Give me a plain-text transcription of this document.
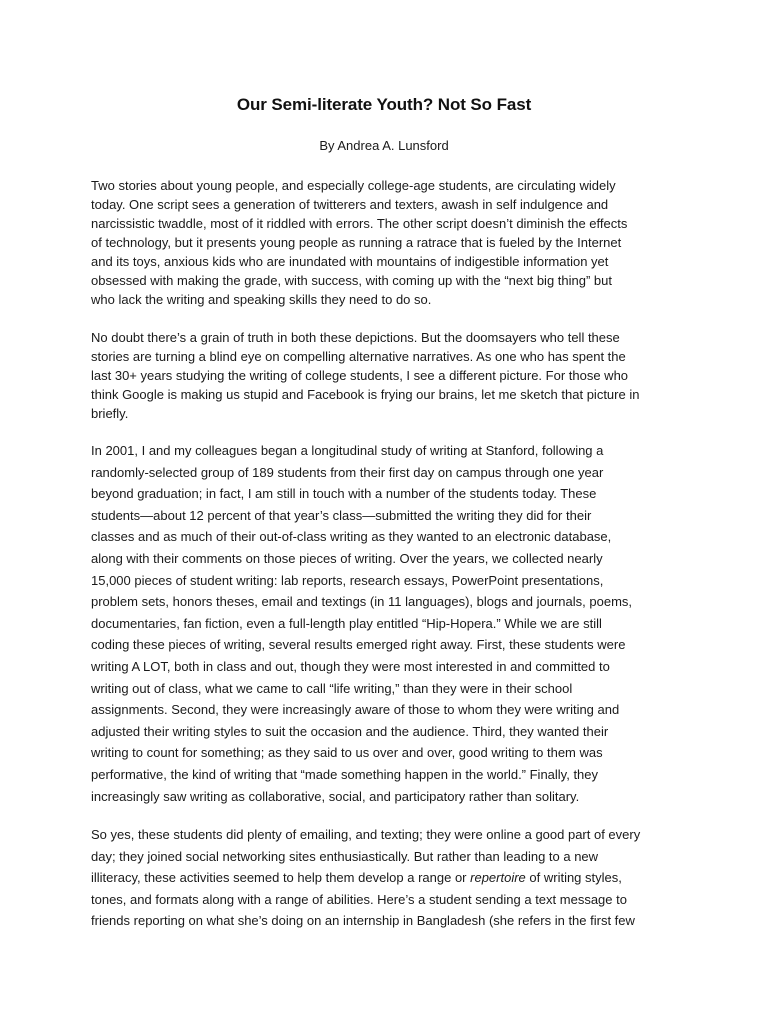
Our Semi-literate Youth? Not So Fast
By Andrea A. Lunsford
Two stories about young people, and especially college-age students, are circulating widely
today. One script sees a generation of twitterers and texters, awash in self indulgence and
narcissistic twaddle, most of it riddled with errors. The other script doesn’t diminish the effects
of technology, but it presents young people as running a ratrace that is fueled by the Internet
and its toys, anxious kids who are inundated with mountains of indigestible information yet
obsessed with making the grade, with success, with coming up with the “next big thing” but
who lack the writing and speaking skills they need to do so.
No doubt there’s a grain of truth in both these depictions. But the doomsayers who tell these
stories are turning a blind eye on compelling alternative narratives. As one who has spent the
last 30+ years studying the writing of college students, I see a different picture. For those who
think Google is making us stupid and Facebook is frying our brains, let me sketch that picture in
briefly.
In 2001, I and my colleagues began a longitudinal study of writing at Stanford, following a
randomly-selected group of 189 students from their first day on campus through one year
beyond graduation; in fact, I am still in touch with a number of the students today. These
students—about 12 percent of that year’s class—submitted the writing they did for their
classes and as much of their out-of-class writing as they wanted to an electronic database,
along with their comments on those pieces of writing. Over the years, we collected nearly
15,000 pieces of student writing: lab reports, research essays, PowerPoint presentations,
problem sets, honors theses, email and textings (in 11 languages), blogs and journals, poems,
documentaries, fan fiction, even a full-length play entitled “Hip-Hopera.” While we are still
coding these pieces of writing, several results emerged right away. First, these students were
writing A LOT, both in class and out, though they were most interested in and committed to
writing out of class, what we came to call “life writing,” than they were in their school
assignments. Second, they were increasingly aware of those to whom they were writing and
adjusted their writing styles to suit the occasion and the audience. Third, they wanted their
writing to count for something; as they said to us over and over, good writing to them was
performative, the kind of writing that “made something happen in the world.” Finally, they
increasingly saw writing as collaborative, social, and participatory rather than solitary.
So yes, these students did plenty of emailing, and texting; they were online a good part of every
day; they joined social networking sites enthusiastically. But rather than leading to a new
illiteracy, these activities seemed to help them develop a range or repertoire of writing styles,
tones, and formats along with a range of abilities. Here’s a student sending a text message to
friends reporting on what she’s doing on an internship in Bangladesh (she refers in the first few
